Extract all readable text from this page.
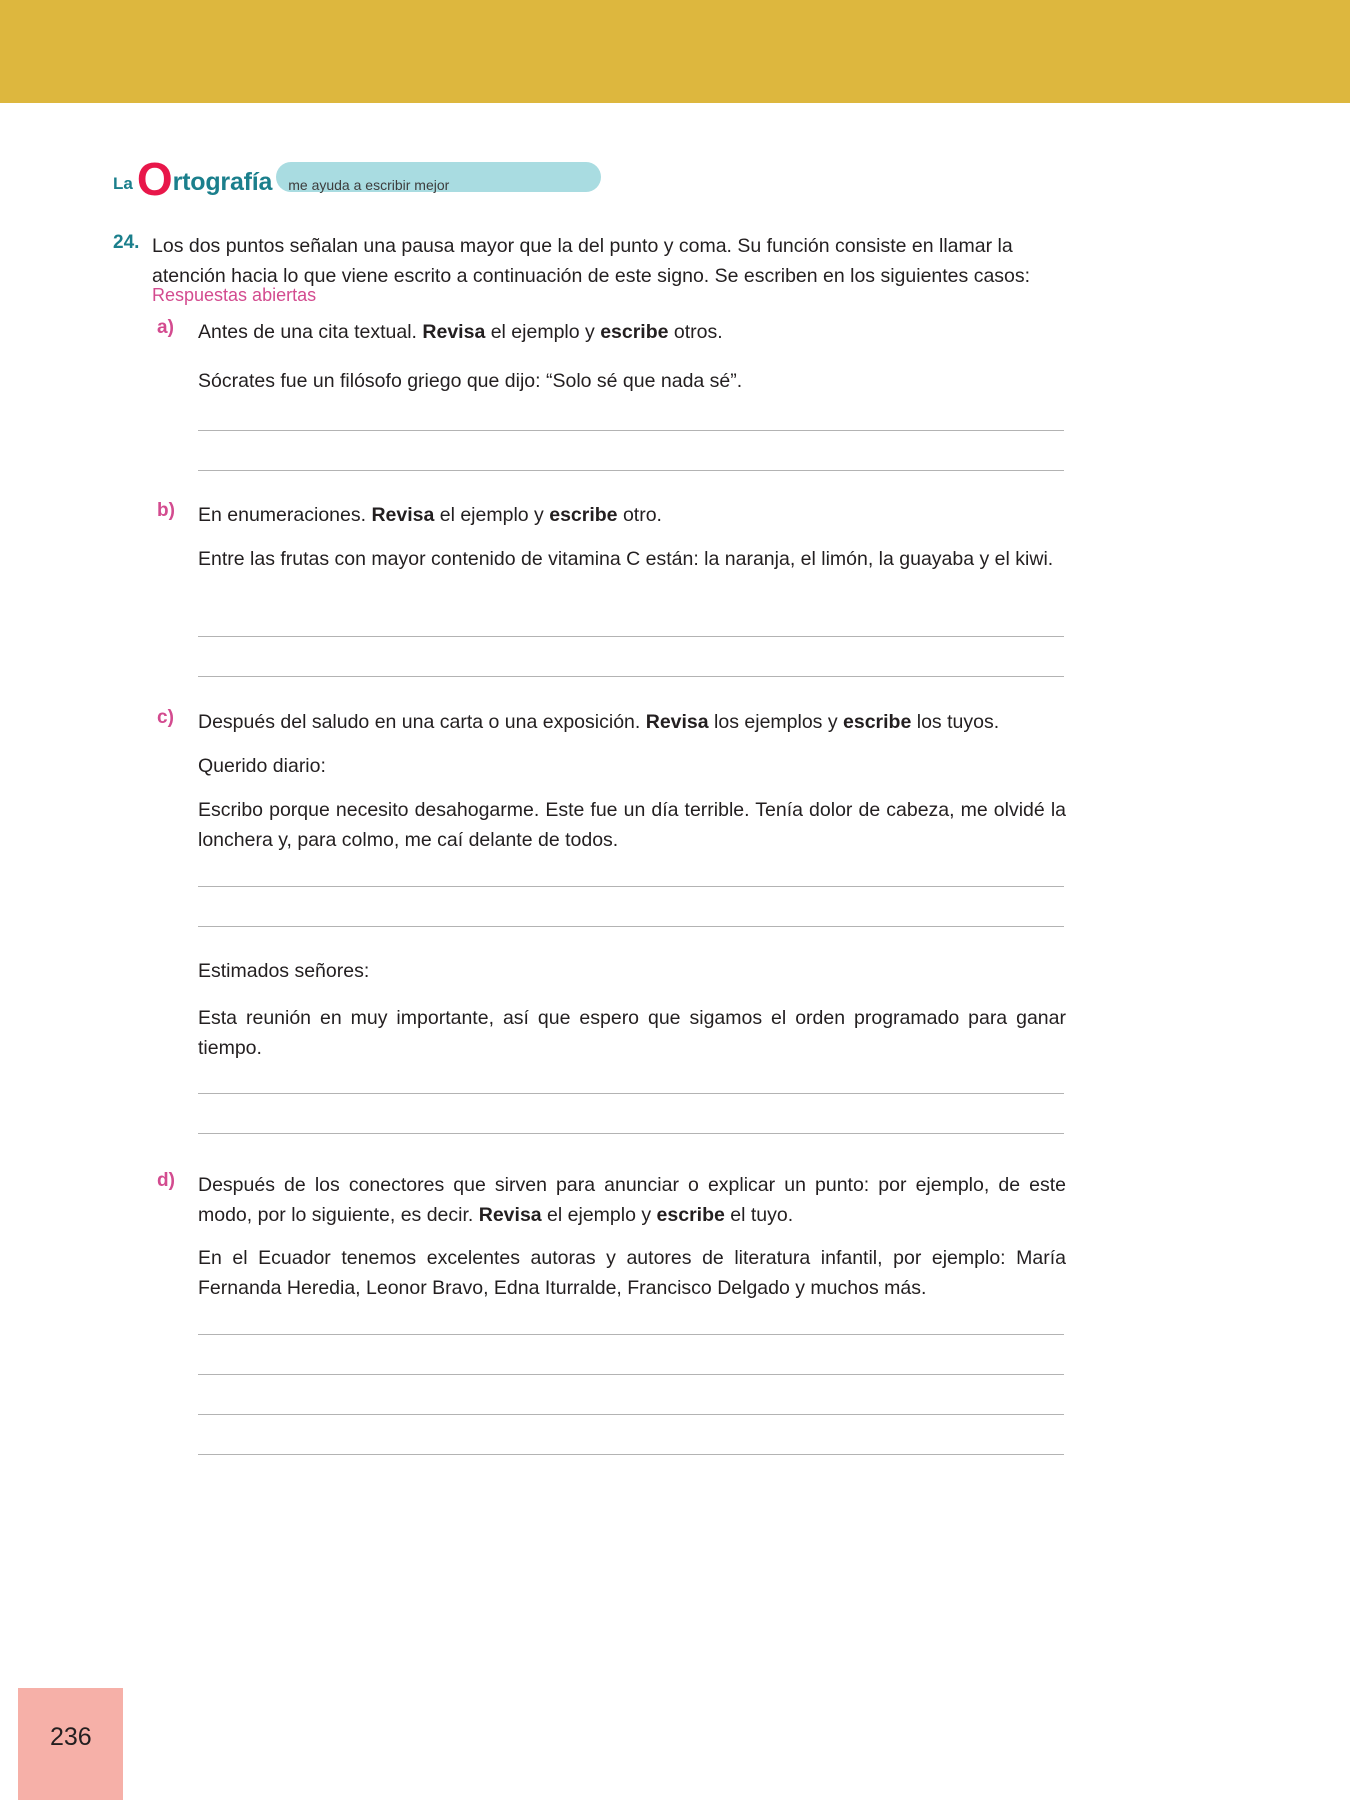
La O rtografía me ayuda a escribir mejor
24. Los dos puntos señalan una pausa mayor que la del punto y coma. Su función consiste en llamar la atención hacia lo que viene escrito a continuación de este signo. Se escriben en los siguientes casos:
Respuestas abiertas
a) Antes de una cita textual. Revisa el ejemplo y escribe otros.
Sócrates fue un filósofo griego que dijo: “Solo sé que nada sé”.
b) En enumeraciones. Revisa el ejemplo y escribe otro.
Entre las frutas con mayor contenido de vitamina C están: la naranja, el limón, la guayaba y el kiwi.
c) Después del saludo en una carta o una exposición. Revisa los ejemplos y escribe los tuyos.
Querido diario:
Escribo porque necesito desahogarme. Este fue un día terrible. Tenía dolor de cabeza, me olvidé la lonchera y, para colmo, me caí delante de todos.
Estimados señores:
Esta reunión en muy importante, así que espero que sigamos el orden programado para ganar tiempo.
d) Después de los conectores que sirven para anunciar o explicar un punto: por ejemplo, de este modo, por lo siguiente, es decir. Revisa el ejemplo y escribe el tuyo.
En el Ecuador tenemos excelentes autoras y autores de literatura infantil, por ejemplo: María Fernanda Heredia, Leonor Bravo, Edna Iturralde, Francisco Delgado y muchos más.
236
